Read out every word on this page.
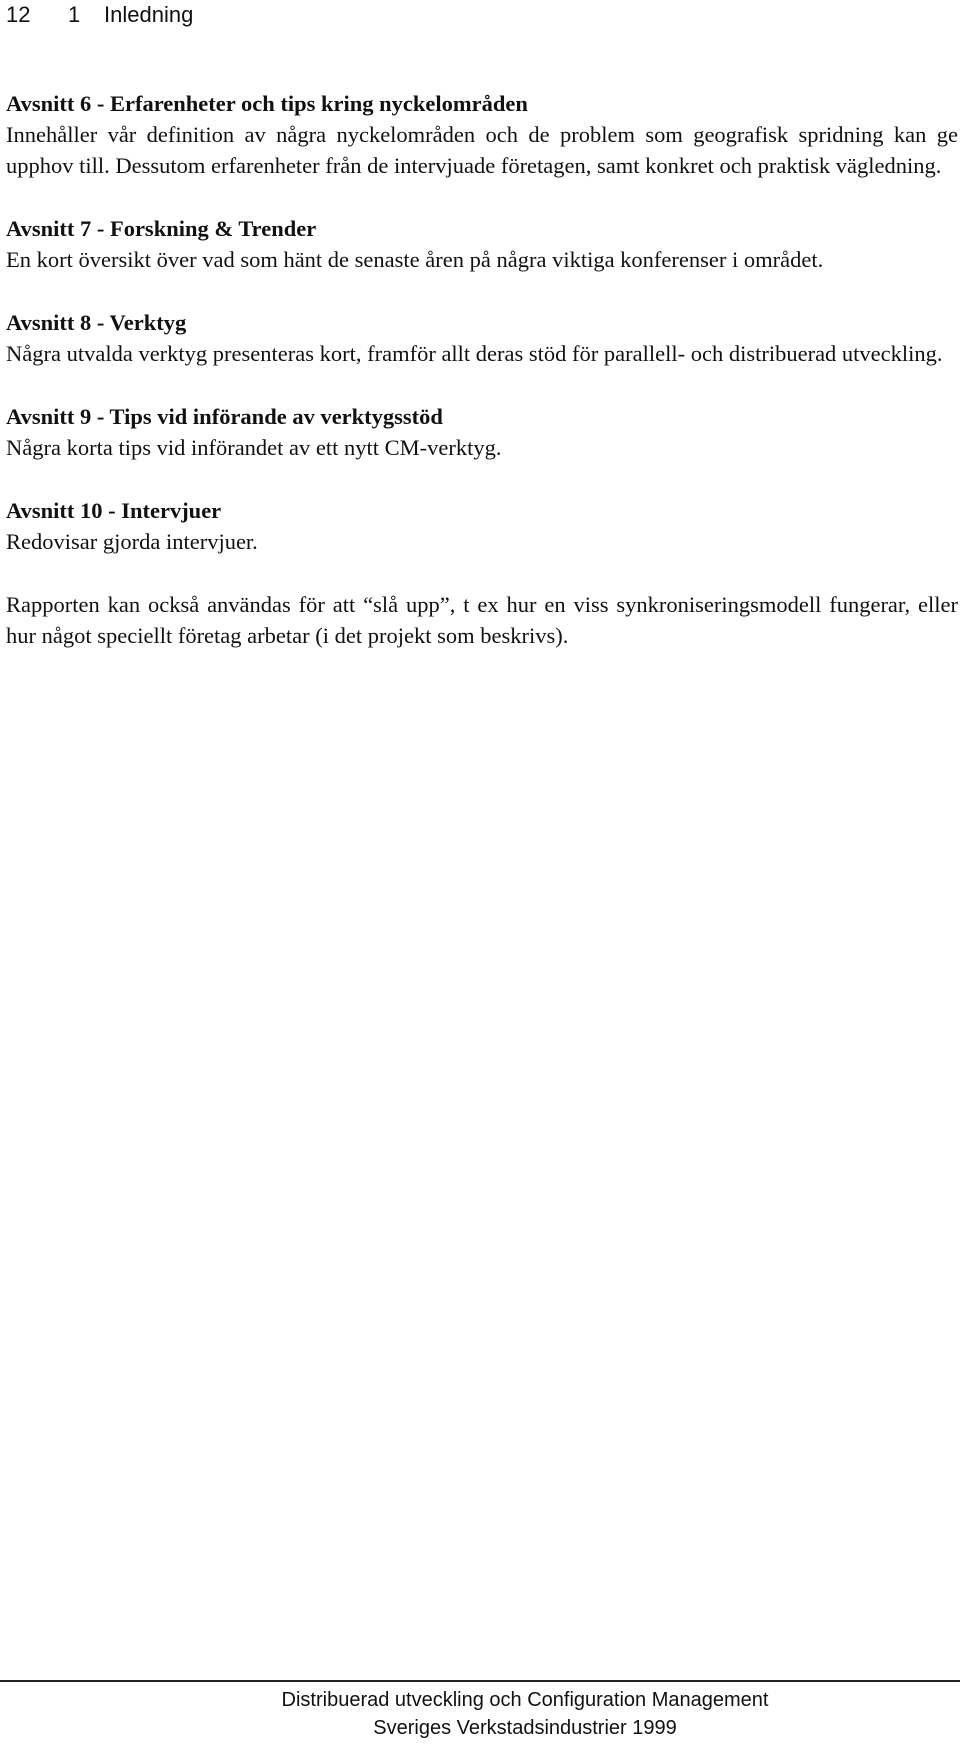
12 1 Inledning

Avsnitt 6 - Erfarenheter och tips kring nyckelområden

Innehåller vår definition av några nyckelområden och de problem som geografisk spridning kan ge upphov till. Dessutom erfarenheter från de intervjuade företagen, samt konkret och praktisk vägledning.

Avsnitt 7 - Forskning & Trender

En kort översikt över vad som hänt de senaste åren på några viktiga konferenser i området.

Avsnitt 8 - Verktyg

Några utvalda verktyg presenteras kort, framför allt deras stöd för parallell- och distribuerad utveckling.

Avsnitt 9 - Tips vid införande av verktygsstöd

Några korta tips vid införandet av ett nytt CM-verktyg.

Avsnitt 10 - Intervjuer

Redovisar gjorda intervjuer.

Rapporten kan också användas för att “slå upp”, t ex hur en viss synkroniseringsmodell fungerar, eller hur något speciellt företag arbetar (i det projekt som beskrivs).

Distribuerad utveckling och Configuration Management
Sveriges Verkstadsindustrier 1999
